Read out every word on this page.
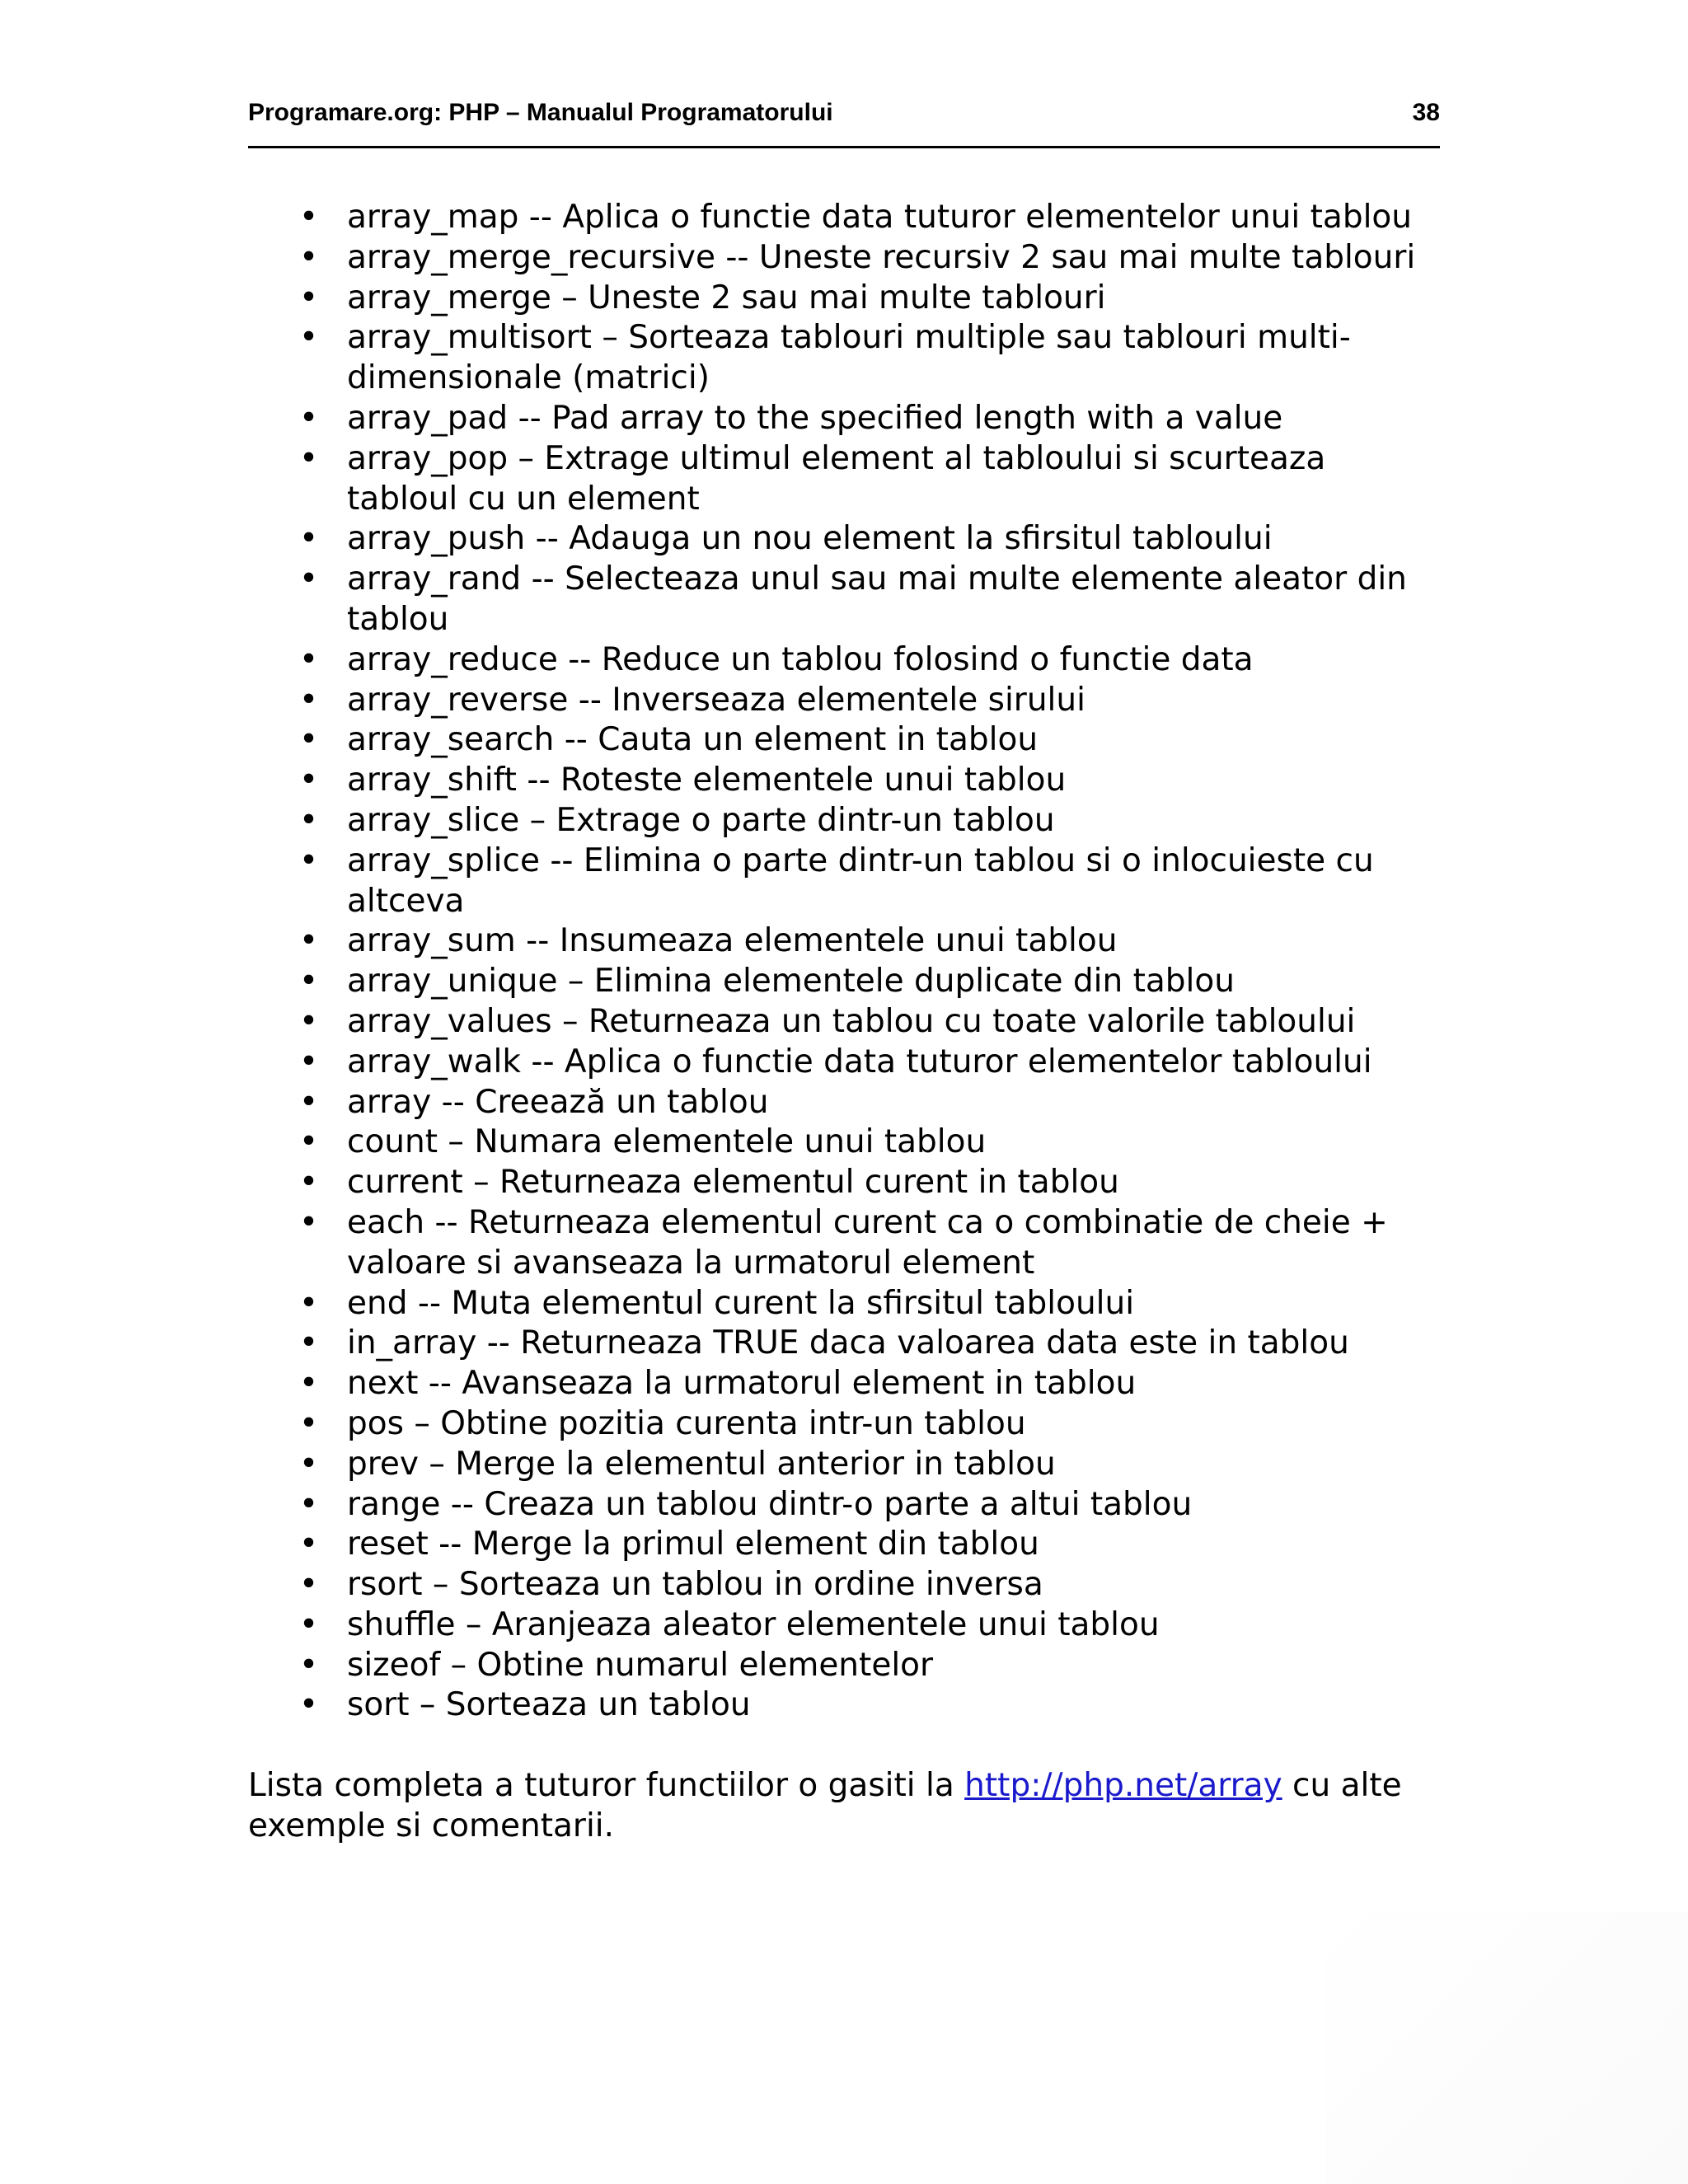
Programare.org: PHP – Manualul Programatorului	38
• array_map -- Aplica o functie data tuturor elementelor unui tablou
• array_merge_recursive -- Uneste recursiv 2 sau mai multe tablouri
• array_merge – Uneste 2 sau mai multe tablouri
• array_multisort – Sorteaza tablouri multiple sau tablouri multi-dimensionale (matrici)
• array_pad -- Pad array to the specified length with a value
• array_pop – Extrage ultimul element al tabloului si scurteaza tabloul cu un element
• array_push -- Adauga un nou element la sfirsitul tabloului
• array_rand -- Selecteaza unul sau mai multe elemente aleator din tablou
• array_reduce -- Reduce un tablou folosind o functie data
• array_reverse -- Inverseaza elementele sirului
• array_search -- Cauta un element in tablou
• array_shift -- Roteste elementele unui tablou
• array_slice – Extrage o parte dintr-un tablou
• array_splice -- Elimina o parte dintr-un tablou si o inlocuieste cu altceva
• array_sum -- Insumeaza elementele unui tablou
• array_unique – Elimina elementele duplicate din tablou
• array_values – Returneaza un tablou cu toate valorile tabloului
• array_walk -- Aplica o functie data tuturor elementelor tabloului
• array -- Creează un tablou
• count – Numara elementele unui tablou
• current – Returneaza elementul curent in tablou
• each -- Returneaza elementul curent ca o combinatie de cheie + valoare si avanseaza la urmatorul element
• end -- Muta elementul curent la sfirsitul tabloului
• in_array -- Returneaza TRUE daca valoarea data este in tablou
• next -- Avanseaza la urmatorul element in tablou
• pos – Obtine pozitia curenta intr-un tablou
• prev – Merge la elementul anterior in tablou
• range -- Creaza un tablou dintr-o parte a altui tablou
• reset -- Merge la primul element din tablou
• rsort – Sorteaza un tablou in ordine inversa
• shuffle – Aranjeaza aleator elementele unui tablou
• sizeof – Obtine numarul elementelor
• sort – Sorteaza un tablou

Lista completa a tuturor functiilor o gasiti la http://php.net/array cu alte exemple si comentarii.
